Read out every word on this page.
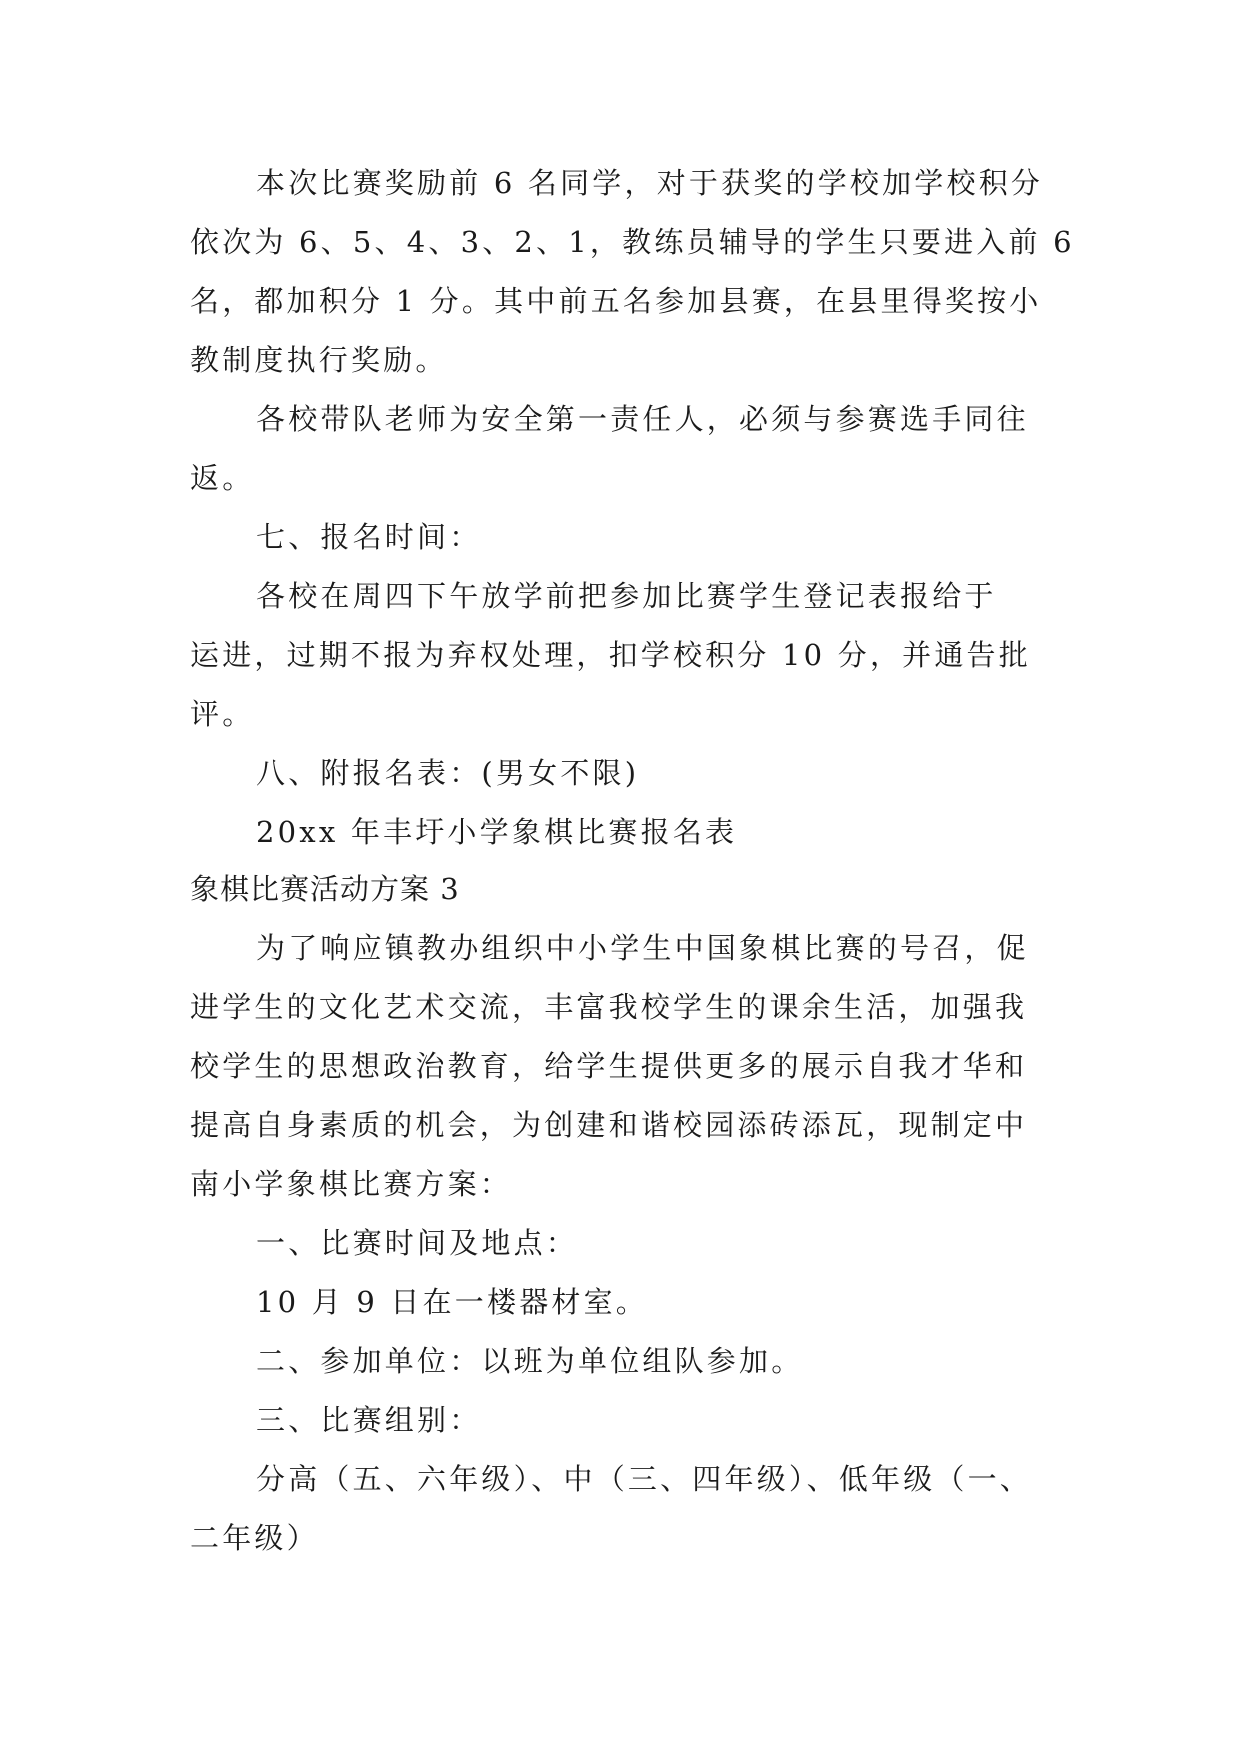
本次比赛奖励前 6 名同学，对于获奖的学校加学校积分

依次为 6、5、4、3、2、1，教练员辅导的学生只要进入前 6

名，都加积分 1 分。其中前五名参加县赛，在县里得奖按小

教制度执行奖励。

各校带队老师为安全第一责任人，必须与参赛选手同往

返。

七、报名时间：

各校在周四下午放学前把参加比赛学生登记表报给于

运进，过期不报为弃权处理，扣学校积分 10 分，并通告批

评。

八、附报名表：(男女不限)

20xx 年丰圩小学象棋比赛报名表

象棋比赛活动方案 3

为了响应镇教办组织中小学生中国象棋比赛的号召，促

进学生的文化艺术交流，丰富我校学生的课余生活，加强我

校学生的思想政治教育，给学生提供更多的展示自我才华和

提高自身素质的机会，为创建和谐校园添砖添瓦，现制定中

南小学象棋比赛方案：

一、比赛时间及地点：

10 月 9 日在一楼器材室。

二、参加单位：以班为单位组队参加。

三、比赛组别：

分高（五、六年级）、中（三、四年级）、低年级（一、

二年级）
